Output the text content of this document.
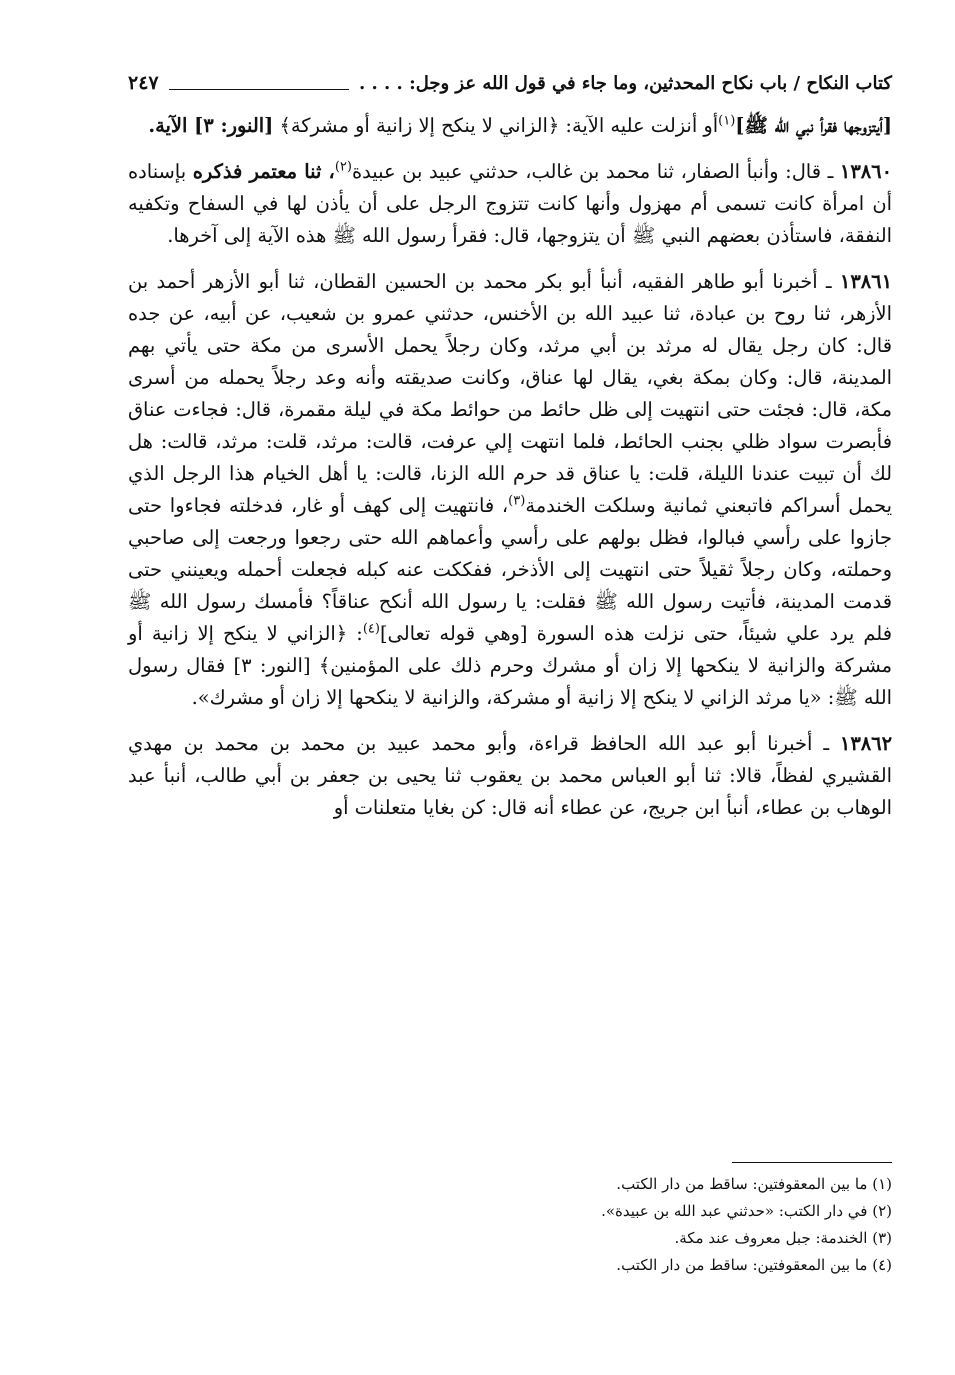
كتاب النكاح / باب نكاح المحدثين، وما جاء في قول الله عز وجل: . . . .
٢٤٧

[أيتزوجها فقرأ نبي الله ﷺ]$^{(١)}$أو أنزلت عليه الآية: ﴿الزاني لا ينكح إلا زانية أو مشركة﴾ [النور: ٣] الآية.

١٣٨٦٠ ـ قال: وأنبأ الصفار، ثنا محمد بن غالب، حدثني عبيد بن عبيدة$^{(٢)}$، ثنا معتمر فذكره بإسناده أن امرأة كانت تسمى أم مهزول وأنها كانت تتزوج الرجل على أن يأذن لها في السفاح وتكفيه النفقة، فاستأذن بعضهم النبي ﷺ أن يتزوجها، قال: فقرأ رسول الله ﷺ هذه الآية إلى آخرها.

١٣٨٦١ ـ أخبرنا أبو طاهر الفقيه، أنبأ أبو بكر محمد بن الحسين القطان، ثنا أبو الأزهر أحمد بن الأزهر، ثنا روح بن عبادة، ثنا عبيد الله بن الأخنس، حدثني عمرو بن شعيب، عن أبيه، عن جده قال: كان رجل يقال له مرثد بن أبي مرثد، وكان رجلاً يحمل الأسرى من مكة حتى يأتي بهم المدينة، قال: وكان بمكة بغي، يقال لها عناق، وكانت صديقته وأنه وعد رجلاً يحمله من أسرى مكة، قال: فجئت حتى انتهيت إلى ظل حائط من حوائط مكة في ليلة مقمرة، قال: فجاءت عناق فأبصرت سواد ظلي بجنب الحائط، فلما انتهت إلي عرفت، قالت: مرثد، قلت: مرثد، قالت: هل لك أن تبيت عندنا الليلة، قلت: يا عناق قد حرم الله الزنا، قالت: يا أهل الخيام هذا الرجل الذي يحمل أسراكم فاتبعني ثمانية وسلكت الخندمة$^{(٣)}$، فانتهيت إلى كهف أو غار، فدخلته فجاءوا حتى جازوا على رأسي فبالوا، فظل بولهم على رأسي وأعماهم الله حتى رجعوا ورجعت إلى صاحبي وحملته، وكان رجلاً ثقيلاً حتى انتهيت إلى الأذخر، ففككت عنه كبله فجعلت أحمله ويعينني حتى قدمت المدينة، فأتيت رسول الله ﷺ فقلت: يا رسول الله أنكح عناقاً؟ فأمسك رسول الله ﷺ فلم يرد علي شيئاً، حتى نزلت هذه السورة [وهي قوله تعالى]$^{(٤)}$: ﴿الزاني لا ينكح إلا زانية أو مشركة والزانية لا ينكحها إلا زان أو مشرك وحرم ذلك على المؤمنين﴾ [النور: ٣] فقال رسول الله ﷺ: «يا مرثد الزاني لا ينكح إلا زانية أو مشركة، والزانية لا ينكحها إلا زان أو مشرك».

١٣٨٦٢ ـ أخبرنا أبو عبد الله الحافظ قراءة، وأبو محمد عبيد بن محمد بن محمد بن مهدي القشيري لفظاً، قالا: ثنا أبو العباس محمد بن يعقوب ثنا يحيى بن جعفر بن أبي طالب، أنبأ عبد الوهاب بن عطاء، أنبأ ابن جريج، عن عطاء أنه قال: كن بغايا متعلنات أو

(١) ما بين المعقوفتين: ساقط من دار الكتب.

(٢) في دار الكتب: «حدثني عبد الله بن عبيدة».

(٣) الخندمة: جبل معروف عند مكة.

(٤) ما بين المعقوفتين: ساقط من دار الكتب.
